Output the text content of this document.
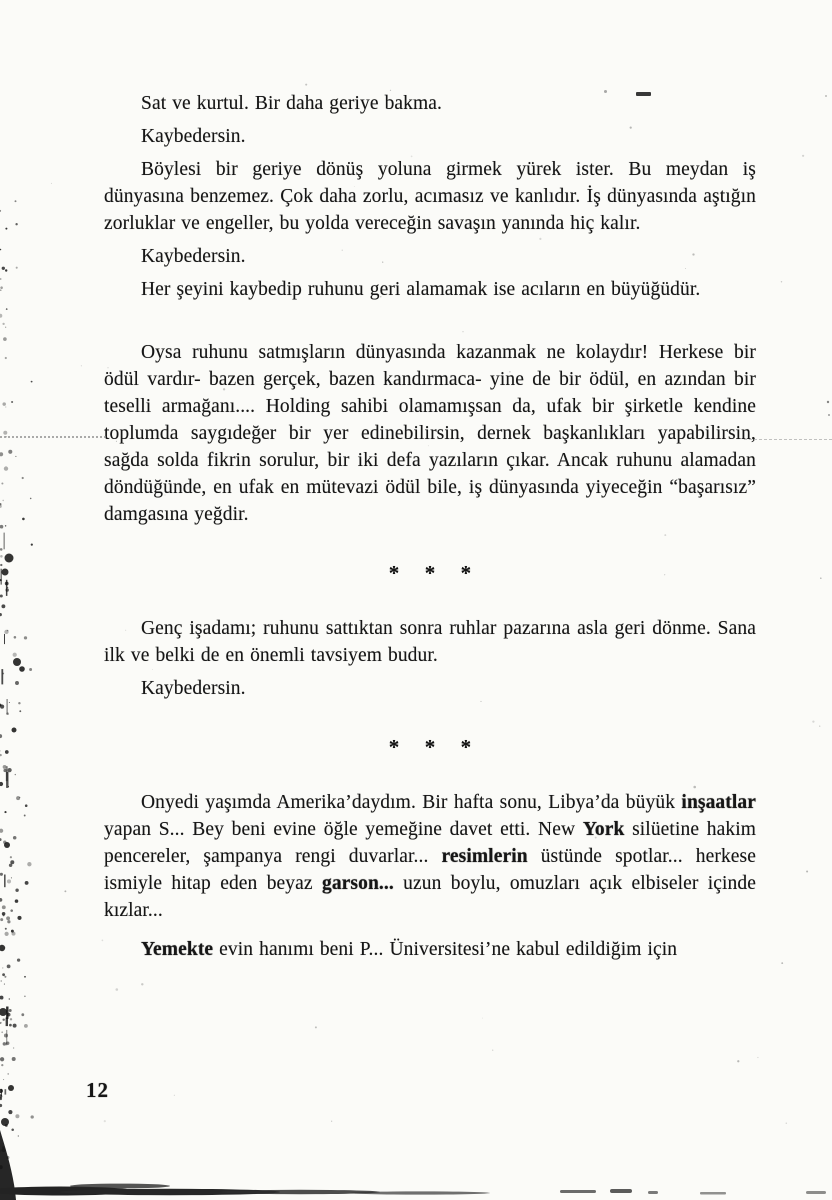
Sat ve kurtul. Bir daha geriye bakma.

Kaybedersin.

Böylesi bir geriye dönüş yoluna girmek yürek ister. Bu meydan iş dünyasına benzemez. Çok daha zorlu, acımasız ve kanlıdır. İş dünyasında aştığın zorluklar ve engeller, bu yolda vereceğin savaşın yanında hiç kalır.

Kaybedersin.

Her şeyini kaybedip ruhunu geri alamamak ise acıların en büyüğüdür.

Oysa ruhunu satmışların dünyasında kazanmak ne kolaydır! Herkese bir ödül vardır- bazen gerçek, bazen kandırmaca- yine de bir ödül, en azından bir teselli armağanı.... Holding sahibi olamamışsan da, ufak bir şirketle kendine toplumda saygıdeğer bir yer edinebilirsin, dernek başkanlıkları yapabilirsin, sağda solda fikrin sorulur, bir iki defa yazıların çıkar. Ancak ruhunu alamadan döndüğünde, en ufak en mütevazi ödül bile, iş dünyasında yiyeceğin “başarısız” damgasına yeğdir.

* * *

Genç işadamı; ruhunu sattıktan sonra ruhlar pazarına asla geri dönme. Sana ilk ve belki de en önemli tavsiyem budur.

Kaybedersin.

* * *

Onyedi yaşımda Amerika’daydım. Bir hafta sonu, Libya’da büyük inşaatlar yapan S... Bey beni evine öğle yemeğine davet etti. New York silüetine hakim pencereler, şampanya rengi duvarlar... resimlerin üstünde spotlar... herkese ismiyle hitap eden beyaz garson... uzun boylu, omuzları açık elbiseler içinde kızlar...

Yemekte evin hanımı beni P... Üniversitesi’ne kabul edildiğim için

12
